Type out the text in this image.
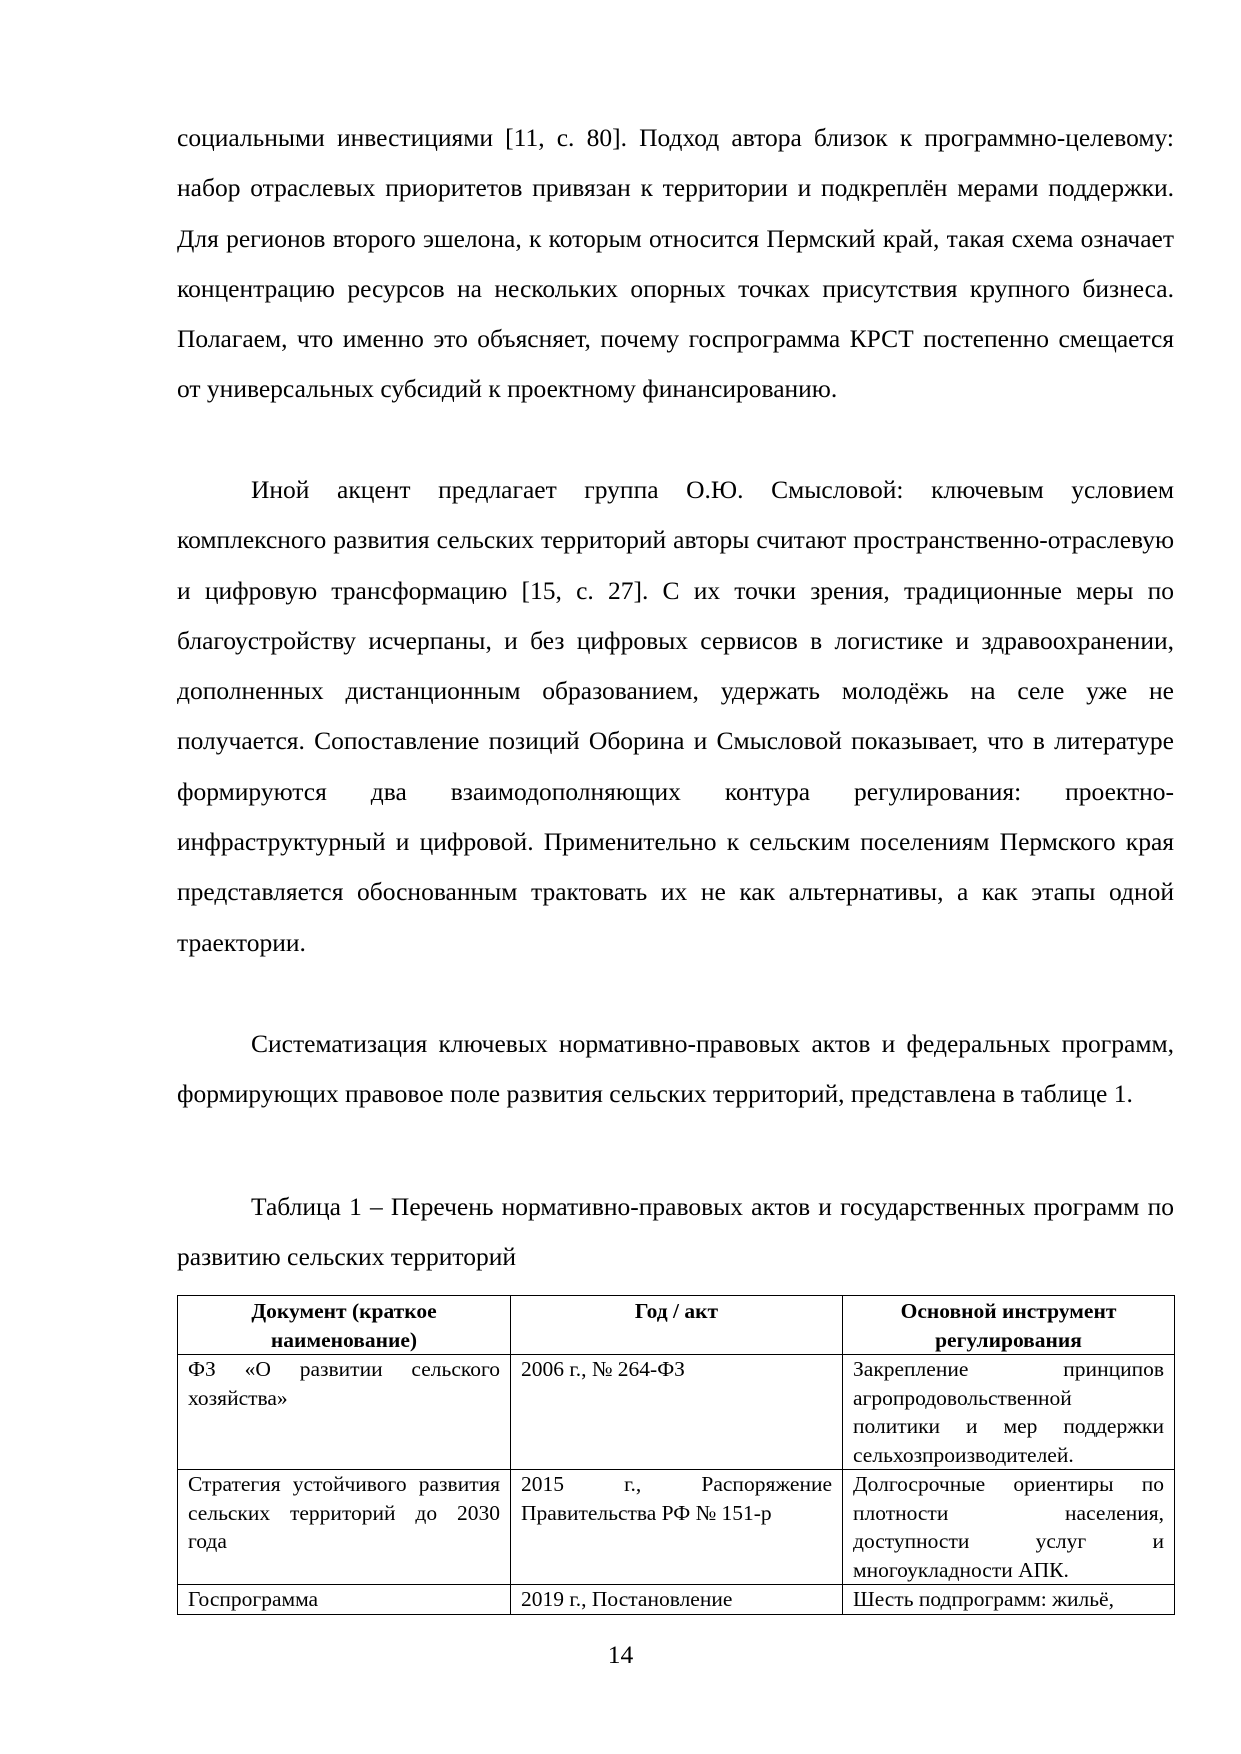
социальными инвестициями [11, с. 80]. Подход автора близок к программно-целевому: набор отраслевых приоритетов привязан к территории и подкреплён мерами поддержки. Для регионов второго эшелона, к которым относится Пермский край, такая схема означает концентрацию ресурсов на нескольких опорных точках присутствия крупного бизнеса. Полагаем, что именно это объясняет, почему госпрограмма КРСТ постепенно смещается от универсальных субсидий к проектному финансированию.

Иной акцент предлагает группа О.Ю. Смысловой: ключевым условием комплексного развития сельских территорий авторы считают пространственно-отраслевую и цифровую трансформацию [15, с. 27]. С их точки зрения, традиционные меры по благоустройству исчерпаны, и без цифровых сервисов в логистике и здравоохранении, дополненных дистанционным образованием, удержать молодёжь на селе уже не получается. Сопоставление позиций Оборина и Смысловой показывает, что в литературе формируются два взаимодополняющих контура регулирования: проектно-инфраструктурный и цифровой. Применительно к сельским поселениям Пермского края представляется обоснованным трактовать их не как альтернативы, а как этапы одной траектории.

Систематизация ключевых нормативно-правовых актов и федеральных программ, формирующих правовое поле развития сельских территорий, представлена в таблице 1.

Таблица 1 – Перечень нормативно-правовых актов и государственных программ по развитию сельских территорий

Документ (краткое наименование)	Год / акт	Основной инструмент регулирования
ФЗ «О развитии сельского хозяйства»	2006 г., № 264-ФЗ	Закрепление принципов агропродовольственной политики и мер поддержки сельхозпроизводителей.
Стратегия устойчивого развития сельских территорий до 2030 года	2015 г., Распоряжение Правительства РФ № 151-р	Долгосрочные ориентиры по плотности населения, доступности услуг и многоукладности АПК.
Госпрограмма	2019 г., Постановление	Шесть подпрограмм: жильё,
14
